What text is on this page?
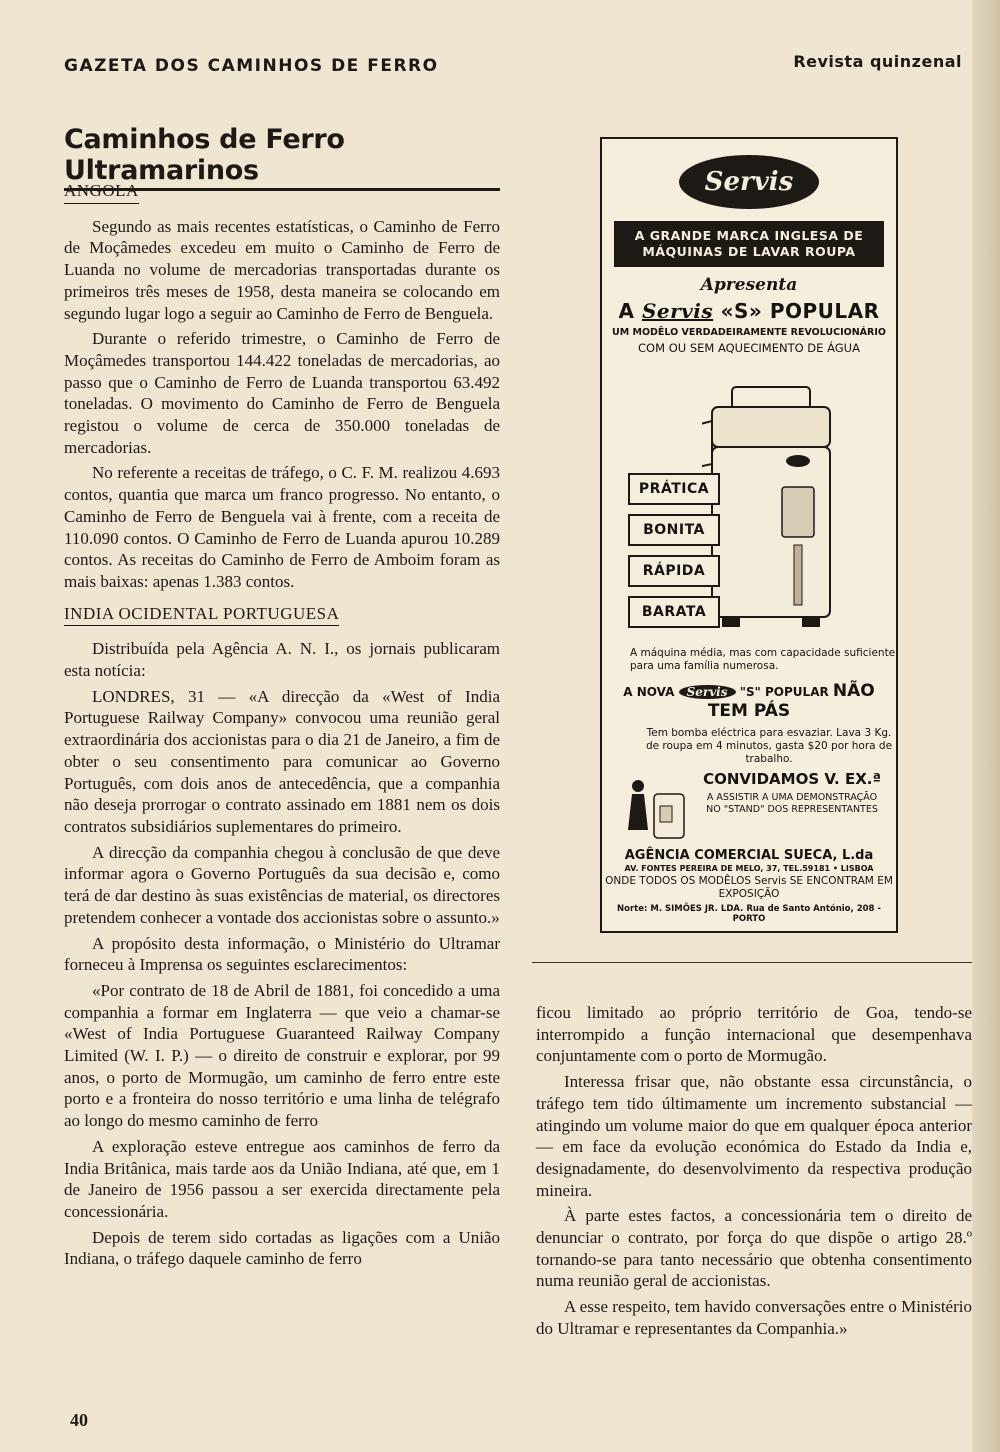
GAZETA DOS CAMINHOS DE FERRO	Revista quinzenal
Caminhos de Ferro Ultramarinos
ANGOLA

Segundo as mais recentes estatísticas, o Caminho de Ferro de Moçâmedes excedeu em muito o Caminho de Ferro de Luanda no volume de mercadorias transportadas durante os primeiros três meses de 1958, desta maneira se colocando em segundo lugar logo a seguir ao Caminho de Ferro de Benguela.

Durante o referido trimestre, o Caminho de Ferro de Moçâmedes transportou 144.422 toneladas de mercadorias, ao passo que o Caminho de Ferro de Luanda transportou 63.492 toneladas. O movimento do Caminho de Ferro de Benguela registou o volume de cerca de 350.000 toneladas de mercadorias.

No referente a receitas de tráfego, o C. F. M. realizou 4.693 contos, quantia que marca um franco progresso. No entanto, o Caminho de Ferro de Benguela vai à frente, com a receita de 110.090 contos. O Caminho de Ferro de Luanda apurou 10.289 contos. As receitas do Caminho de Ferro de Amboim foram as mais baixas: apenas 1.383 contos.

INDIA OCIDENTAL PORTUGUESA

Distribuída pela Agência A. N. I., os jornais publicaram esta notícia:

LONDRES, 31 — «A direcção da «West of India Portuguese Railway Company» convocou uma reunião geral extraordinária dos accionistas para o dia 21 de Janeiro, a fim de obter o seu consentimento para comunicar ao Governo Português, com dois anos de antecedência, que a companhia não deseja prorrogar o contrato assinado em 1881 nem os dois contratos subsidiários suplementares do primeiro.

A direcção da companhia chegou à conclusão de que deve informar agora o Governo Português da sua decisão e, como terá de dar destino às suas existências de material, os directores pretendem conhecer a vontade dos accionistas sobre o assunto.»

A propósito desta informação, o Ministério do Ultramar forneceu à Imprensa os seguintes esclarecimentos:

«Por contrato de 18 de Abril de 1881, foi concedido a uma companhia a formar em Inglaterra — que veio a chamar-se «West of India Portuguese Guaranteed Railway Company Limited (W. I. P.) — o direito de construir e explorar, por 99 anos, o porto de Mormugão, um caminho de ferro entre este porto e a fronteira do nosso território e uma linha de telégrafo ao longo do mesmo caminho de ferro

A exploração esteve entregue aos caminhos de ferro da India Britânica, mais tarde aos da União Indiana, até que, em 1 de Janeiro de 1956 passou a ser exercida directamente pela concessionária.

Depois de terem sido cortadas as ligações com a União Indiana, o tráfego daquele caminho de ferro

Servis
A GRANDE MARCA INGLESA DE MÁQUINAS DE LAVAR ROUPA
Apresenta
A Servis «S» POPULAR
UM MODÊLO VERDADEIRAMENTE REVOLUCIONÁRIO
COM OU SEM AQUECIMENTO DE ÁGUA
PRÁTICA
BONITA
RÁPIDA
BARATA
A máquina média, mas com capacidade suficiente para uma família numerosa.
A NOVA Servis "S" POPULAR NÃO TEM PÁS
Tem bomba eléctrica para esvaziar. Lava 3 Kg. de roupa em 4 minutos, gasta $20 por hora de trabalho.
CONVIDAMOS V. EX.ª
A ASSISTIR A UMA DEMONSTRAÇÃO NO "STAND" DOS REPRESENTANTES
AGÊNCIA COMERCIAL SUECA, L.da
AV. FONTES PEREIRA DE MELO, 37, TEL.59181 • LISBOA
ONDE TODOS OS MODÊLOS Servis SE ENCONTRAM EM EXPOSIÇÃO
Norte: M. SIMÕES JR. LDA. Rua de Santo António, 208 - PORTO

ficou limitado ao próprio território de Goa, tendo-se interrompido a função internacional que desempenhava conjuntamente com o porto de Mormugão.

Interessa frisar que, não obstante essa circunstância, o tráfego tem tido últimamente um incremento substancial — atingindo um volume maior do que em qualquer época anterior — em face da evolução económica do Estado da India e, designadamente, do desenvolvimento da respectiva produção mineira.

À parte estes factos, a concessionária tem o direito de denunciar o contrato, por força do que dispõe o artigo 28.º tornando-se para tanto necessário que obtenha consentimento numa reunião geral de accionistas.

A esse respeito, tem havido conversações entre o Ministério do Ultramar e representantes da Companhia.»

40
